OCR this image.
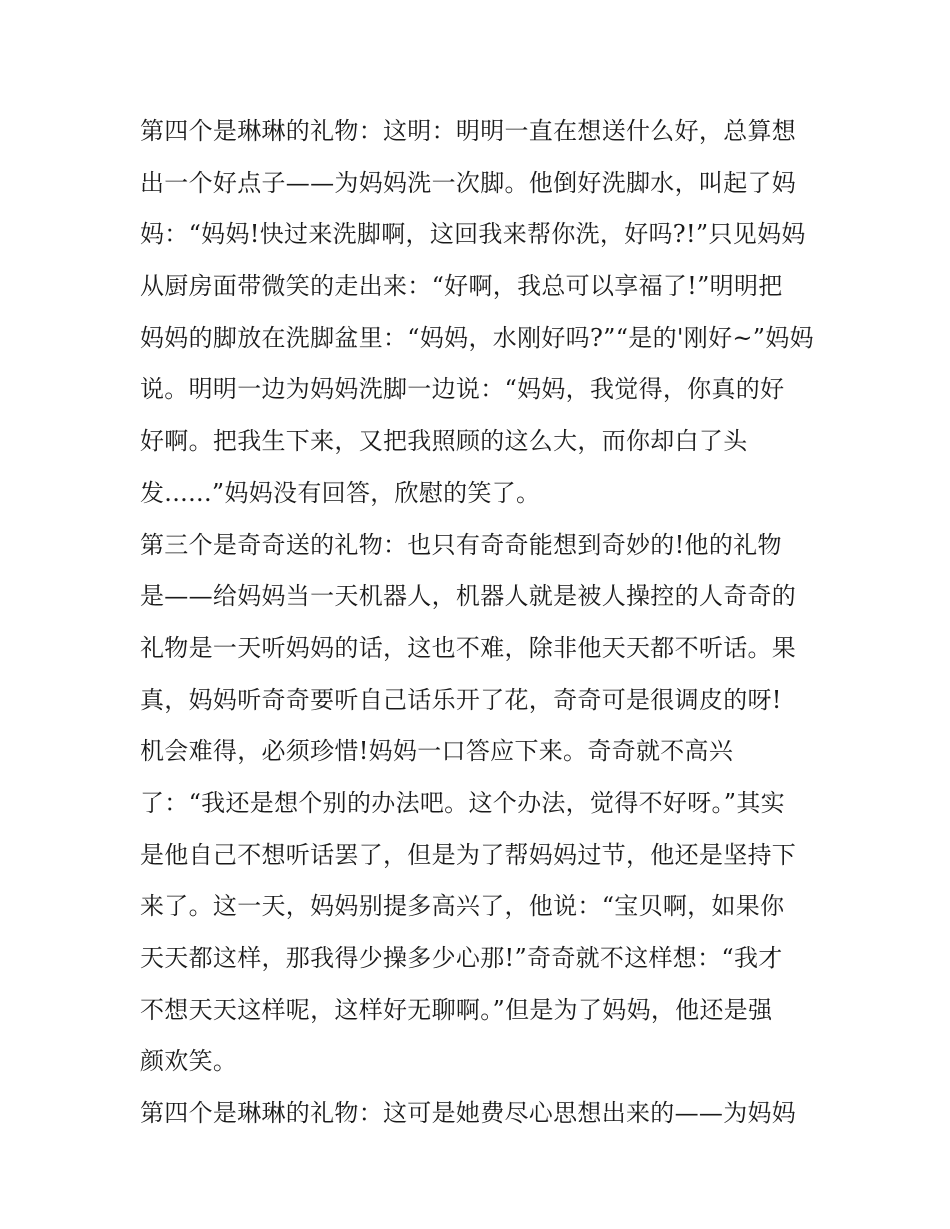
第四个是琳琳的礼物：这明：明明一直在想送什么好，总算想
出一个好点子——为妈妈洗一次脚。他倒好洗脚水，叫起了妈
妈：“妈妈!快过来洗脚啊，这回我来帮你洗，好吗?!”只见妈妈
从厨房面带微笑的走出来：“好啊，我总可以享福了!”明明把
妈妈的脚放在洗脚盆里：“妈妈，水刚好吗?”“是的'刚好~”妈妈
说。明明一边为妈妈洗脚一边说：“妈妈，我觉得，你真的好
好啊。把我生下来，又把我照顾的这么大，而你却白了头
发......”妈妈没有回答，欣慰的笑了。
第三个是奇奇送的礼物：也只有奇奇能想到奇妙的!他的礼物
是——给妈妈当一天机器人，机器人就是被人操控的人奇奇的
礼物是一天听妈妈的话，这也不难，除非他天天都不听话。果
真，妈妈听奇奇要听自己话乐开了花，奇奇可是很调皮的呀!
机会难得，必须珍惜!妈妈一口答应下来。奇奇就不高兴
了：“我还是想个别的办法吧。这个办法，觉得不好呀。”其实
是他自己不想听话罢了，但是为了帮妈妈过节，他还是坚持下
来了。这一天，妈妈别提多高兴了，他说：“宝贝啊，如果你
天天都这样，那我得少操多少心那!”奇奇就不这样想：“我才
不想天天这样呢，这样好无聊啊。”但是为了妈妈，他还是强
颜欢笑。
第四个是琳琳的礼物：这可是她费尽心思想出来的——为妈妈
